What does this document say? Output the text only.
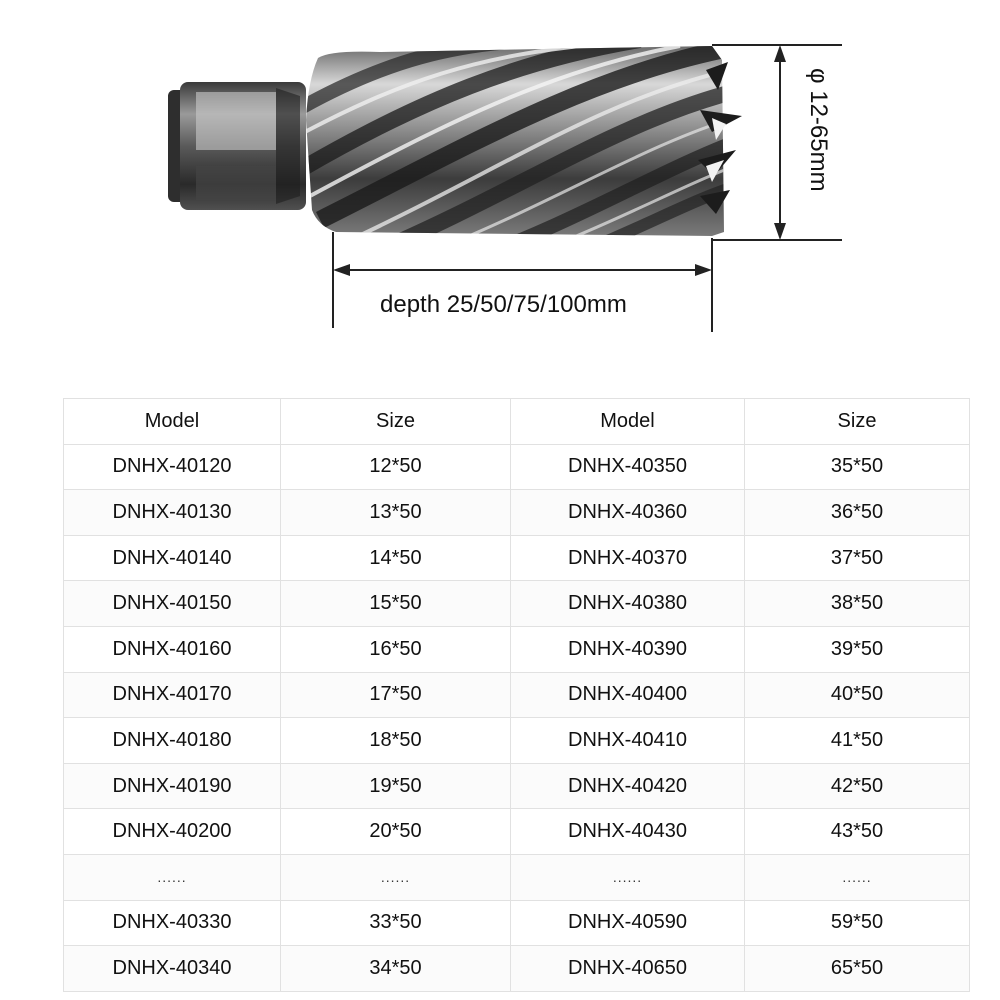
depth 25/50/75/100mm
φ 12-65mm
Model	Size	Model	Size
DNHX-40120	12*50	DNHX-40350	35*50
DNHX-40130	13*50	DNHX-40360	36*50
DNHX-40140	14*50	DNHX-40370	37*50
DNHX-40150	15*50	DNHX-40380	38*50
DNHX-40160	16*50	DNHX-40390	39*50
DNHX-40170	17*50	DNHX-40400	40*50
DNHX-40180	18*50	DNHX-40410	41*50
DNHX-40190	19*50	DNHX-40420	42*50
DNHX-40200	20*50	DNHX-40430	43*50
......	......	......	......
DNHX-40330	33*50	DNHX-40590	59*50
DNHX-40340	34*50	DNHX-40650	65*50
